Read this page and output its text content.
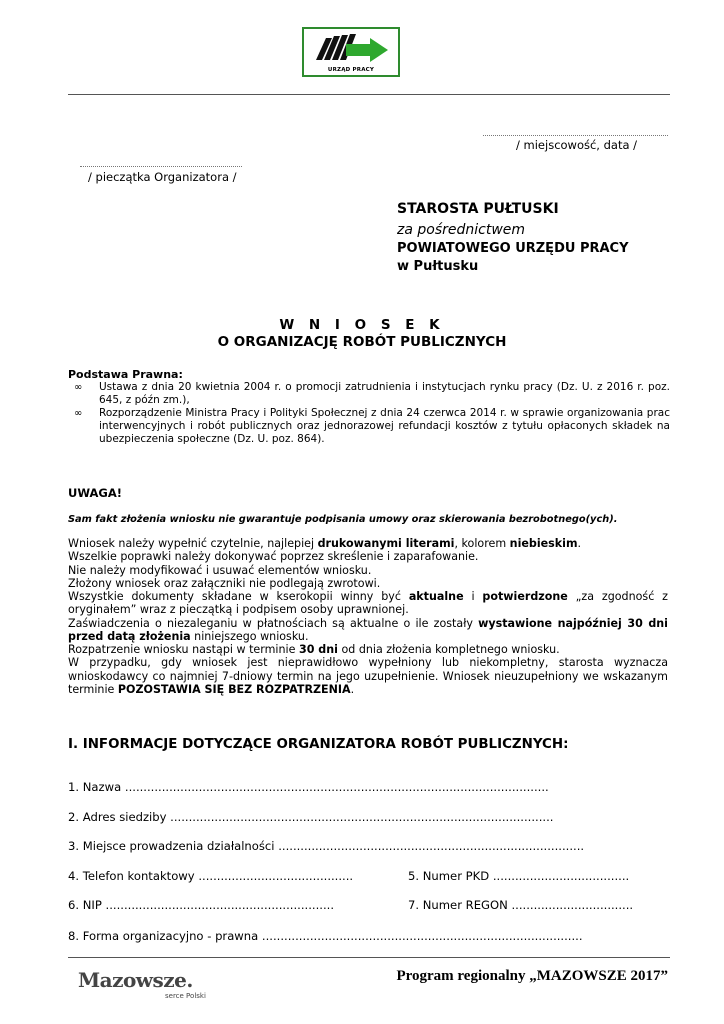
URZĄD PRACY
/ miejscowość, data /
/ pieczątka Organizatora /
STAROSTA PUŁTUSKI
za pośrednictwem
POWIATOWEGO URZĘDU PRACY
w Pułtusku
W N I O S E K
O ORGANIZACJĘ ROBÓT PUBLICZNYCH
Podstawa Prawna:
∞ Ustawa z dnia 20 kwietnia 2004 r. o promocji zatrudnienia i instytucjach rynku pracy (Dz. U. z 2016 r. poz. 645, z późn zm.),
∞ Rozporządzenie Ministra Pracy i Polityki Społecznej z dnia 24 czerwca 2014 r. w sprawie organizowania prac interwencyjnych i robót publicznych oraz jednorazowej refundacji kosztów z tytułu opłaconych składek na ubezpieczenia społeczne (Dz. U. poz. 864).
UWAGA!
Sam fakt złożenia wniosku nie gwarantuje podpisania umowy oraz skierowania bezrobotnego(ych).

Wniosek należy wypełnić czytelnie, najlepiej drukowanymi literami, kolorem niebieskim.

Wszelkie poprawki należy dokonywać poprzez skreślenie i zaparafowanie.

Nie należy modyfikować i usuwać elementów wniosku.

Złożony wniosek oraz załączniki nie podlegają zwrotowi.

Wszystkie dokumenty składane w kserokopii winny być aktualne i potwierdzone „za zgodność z oryginałem” wraz z pieczątką i podpisem osoby uprawnionej.

Zaświadczenia o niezaleganiu w płatnościach są aktualne o ile zostały wystawione najpóźniej 30 dni przed datą złożenia niniejszego wniosku.

Rozpatrzenie wniosku nastąpi w terminie 30 dni od dnia złożenia kompletnego wniosku.

W przypadku, gdy wniosek jest nieprawidłowo wypełniony lub niekompletny, starosta wyznacza wnioskodawcy co najmniej 7-dniowy termin na jego uzupełnienie. Wniosek nieuzupełniony we wskazanym terminie POZOSTAWIA SIĘ BEZ ROZPATRZENIA.

I. INFORMACJE DOTYCZĄCE ORGANIZATORA ROBÓT PUBLICZNYCH:
1. Nazwa ...................................................................................................................
2. Adres siedziby ........................................................................................................
3. Miejsce prowadzenia działalności ...................................................................................
4. Telefon kontaktowy ..........................................	5. Numer PKD .....................................
6. NIP ..............................................................	7. Numer REGON .................................
8. Forma organizacyjno - prawna .......................................................................................
Mazowsze.
serce Polski
Program regionalny „MAZOWSZE 2017”
